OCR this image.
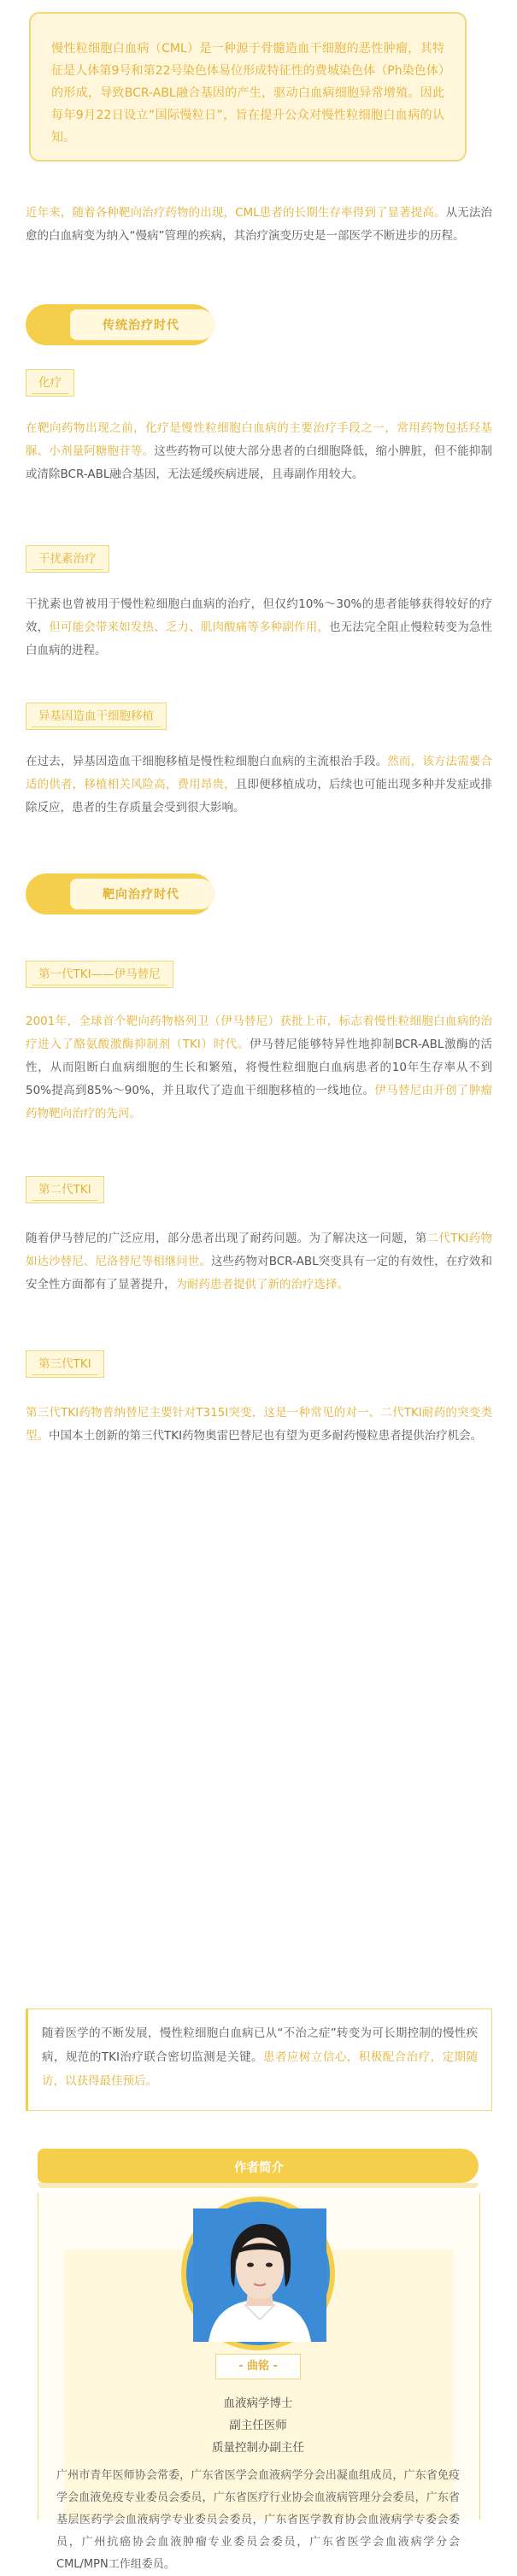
慢性粒细胞白血病（CML）是一种源于骨髓造血干细胞的恶性肿瘤，其特征是人体第9号和第22号染色体易位形成特征性的费城染色体（Ph染色体）的形成，导致BCR-ABL融合基因的产生，驱动白血病细胞异常增殖。因此每年9月22日设立“国际慢粒日”，旨在提升公众对慢性粒细胞白血病的认知。

近年来，随着各种靶向治疗药物的出现，CML患者的长期生存率得到了显著提高。从无法治愈的白血病变为纳入“慢病”管理的疾病，其治疗演变历史是一部医学不断进步的历程。

传统治疗时代
化疗

在靶向药物出现之前，化疗是慢性粒细胞白血病的主要治疗手段之一，常用药物包括羟基脲、小剂量阿糖胞苷等。这些药物可以使大部分患者的白细胞降低，缩小脾脏，但不能抑制或清除BCR-ABL融合基因，无法延缓疾病进展，且毒副作用较大。

干扰素治疗

干扰素也曾被用于慢性粒细胞白血病的治疗，但仅约10%～30%的患者能够获得较好的疗效，但可能会带来如发热、乏力、肌肉酸痛等多种副作用，也无法完全阻止慢粒转变为急性白血病的进程。

异基因造血干细胞移植

在过去，异基因造血干细胞移植是慢性粒细胞白血病的主流根治手段。然而，该方法需要合适的供者，移植相关风险高，费用昂贵，且即便移植成功，后续也可能出现多种并发症或排除反应，患者的生存质量会受到很大影响。

靶向治疗时代
第一代TKI——伊马替尼

2001年，全球首个靶向药物格列卫（伊马替尼）获批上市，标志着慢性粒细胞白血病的治疗进入了酪氨酸激酶抑制剂（TKI）时代。伊马替尼能够特异性地抑制BCR-ABL激酶的活性，从而阻断白血病细胞的生长和繁殖，将慢性粒细胞白血病患者的10年生存率从不到50%提高到85%～90%，并且取代了造血干细胞移植的一线地位。伊马替尼由开创了肿瘤药物靶向治疗的先河。

第二代TKI

随着伊马替尼的广泛应用，部分患者出现了耐药问题。为了解决这一问题，第二代TKI药物如达沙替尼、尼洛替尼等相继问世。这些药物对BCR-ABL突变具有一定的有效性，在疗效和安全性方面都有了显著提升，为耐药患者提供了新的治疗选择。

第三代TKI

第三代TKI药物普纳替尼主要针对T315I突变，这是一种常见的对一、二代TKI耐药的突变类型。中国本土创新的第三代TKI药物奥雷巴替尼也有望为更多耐药慢粒患者提供治疗机会。

随着医学的不断发展，慢性粒细胞白血病已从“不治之症”转变为可长期控制的慢性疾病，规范的TKI治疗联合密切监测是关键。患者应树立信心，积极配合治疗，定期随访，以获得最佳预后。

作者简介
- 曲铭 -
血液病学博士
副主任医师
质量控制办副主任

广州市青年医师协会常委，广东省医学会血液病学分会出凝血组成员，广东省免疫学会血液免疫专业委员会委员，广东省医疗行业协会血液病管理分会委员，广东省基层医药学会血液病学专业委员会委员，广东省医学教育协会血液病学专委会委员，广州抗癌协会血液肿瘤专业委员会委员，广东省医学会血液病学分会CML/MPN工作组委员。
